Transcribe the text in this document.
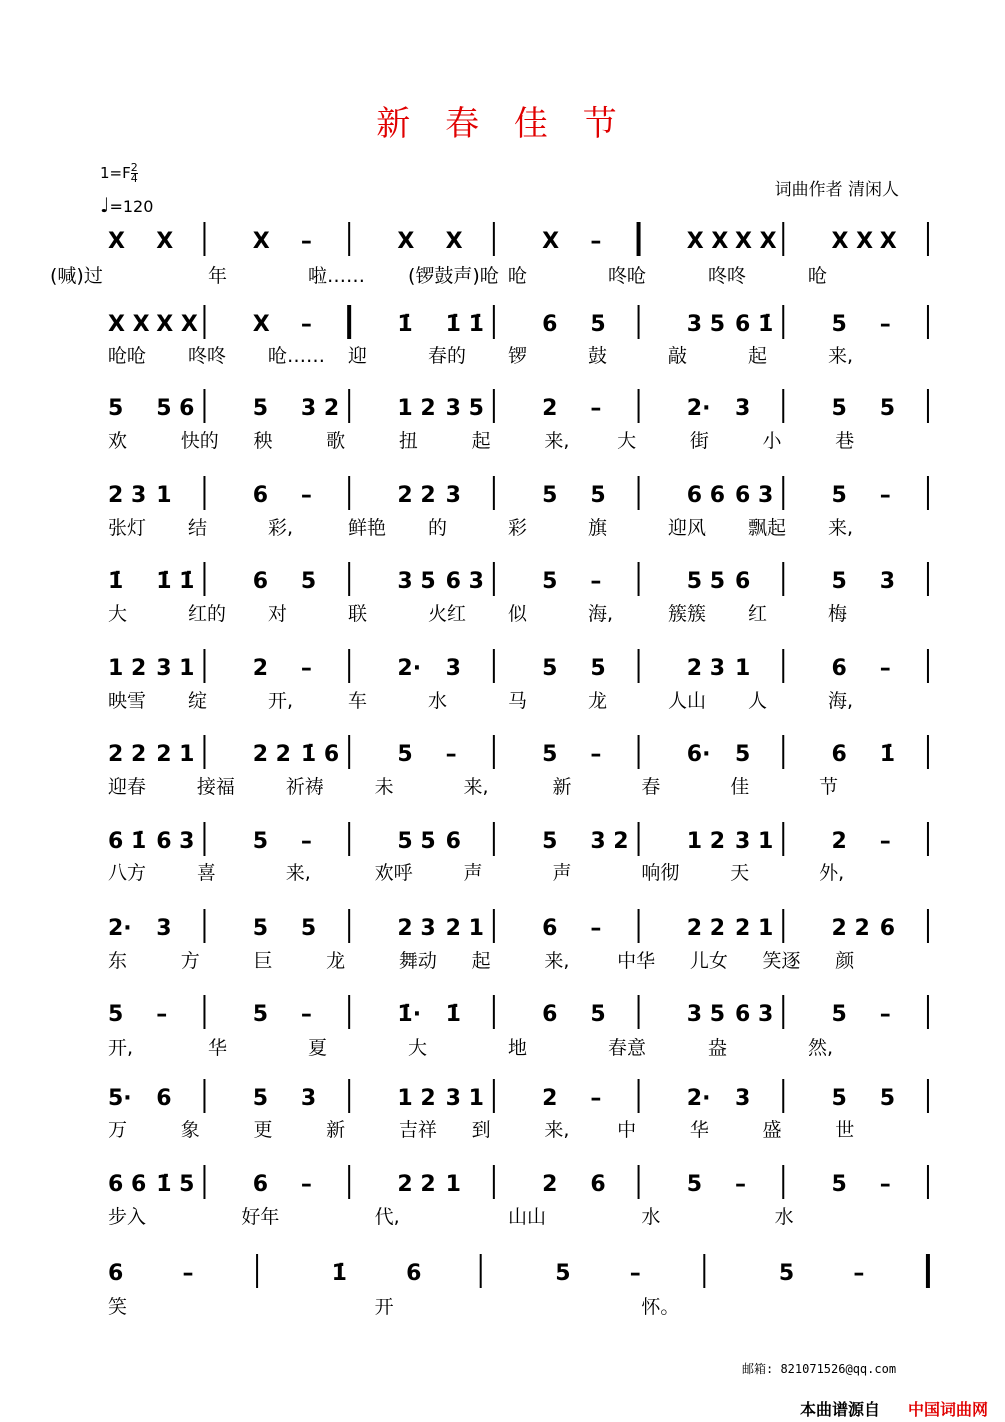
新 春 佳 节
$1=F \frac{2}{4}$
♩=120
词曲作者 清闲人
X X	X –	X X	X –	X X X X X X X
(喊)过	年	啦…… (锣鼓声)呛 呛	咚呛	咚咚	呛
X X X X X –	1̇ 1̇ 1̇	6 5	3 5 6 1̇	5 –
呛呛 咚咚 呛…… 迎	春的 锣	鼓	敲	起	来,
5 5 6	5 3 2	1 2 3 5	2 –	2· 3	5 5
欢	快的 秧	歌	扭	起	来,	大	街	小	巷
2 3 1	6 –	2 2 3	5 5	6 6 6 3	5 –
张灯 结	彩,	鲜艳 的	彩	旗	迎风 飘起 来,
1̇ 1̇ 1̇	6 5	3 5 6 3	5 –	5 5 6	5 3
大	红的 对	联	火红 似	海,	簇簇 红	梅
1 2 3 1	2 –	2· 3	5 5	2 3 1	6 –
映雪 绽	开,	车	水	马	龙	人山 人	海,
2 2 2 1	2 2 1̇ 6	5 –	5 –	6· 5	6 1̇
迎春	接福	祈祷	未	来,	新	春	佳	节
6 1̇ 6 3	5 –	5 5 6	5 3 2	1 2 3 1	2 –
八方	喜	来,	欢呼	声	声	响彻	天	外,
2· 3	5 5	2 3 2 1	6 –	2 2 2 1	2 2 6
东	方	巨	龙	舞动 起	来,	中华 儿女 笑逐 颜
5 –	5 –	1̇· 1̇	6 5	3 5 6 3	5 –
开,	华	夏	大	地	春意	盎	然,
5· 6	5 3	1 2 3 1	2 –	2· 3	5 5
万	象	更	新	吉祥 到	来,	中	华	盛	世
6 6 1̇ 5	6 –	2 2 1	2 6	5 –	5 –
步入	好年	代,	山山	水	水
6	–	1̇	6	5	–	5	–
笑	开	怀。
邮箱: 821071526@qq.com
本曲谱源自 中国词曲网
